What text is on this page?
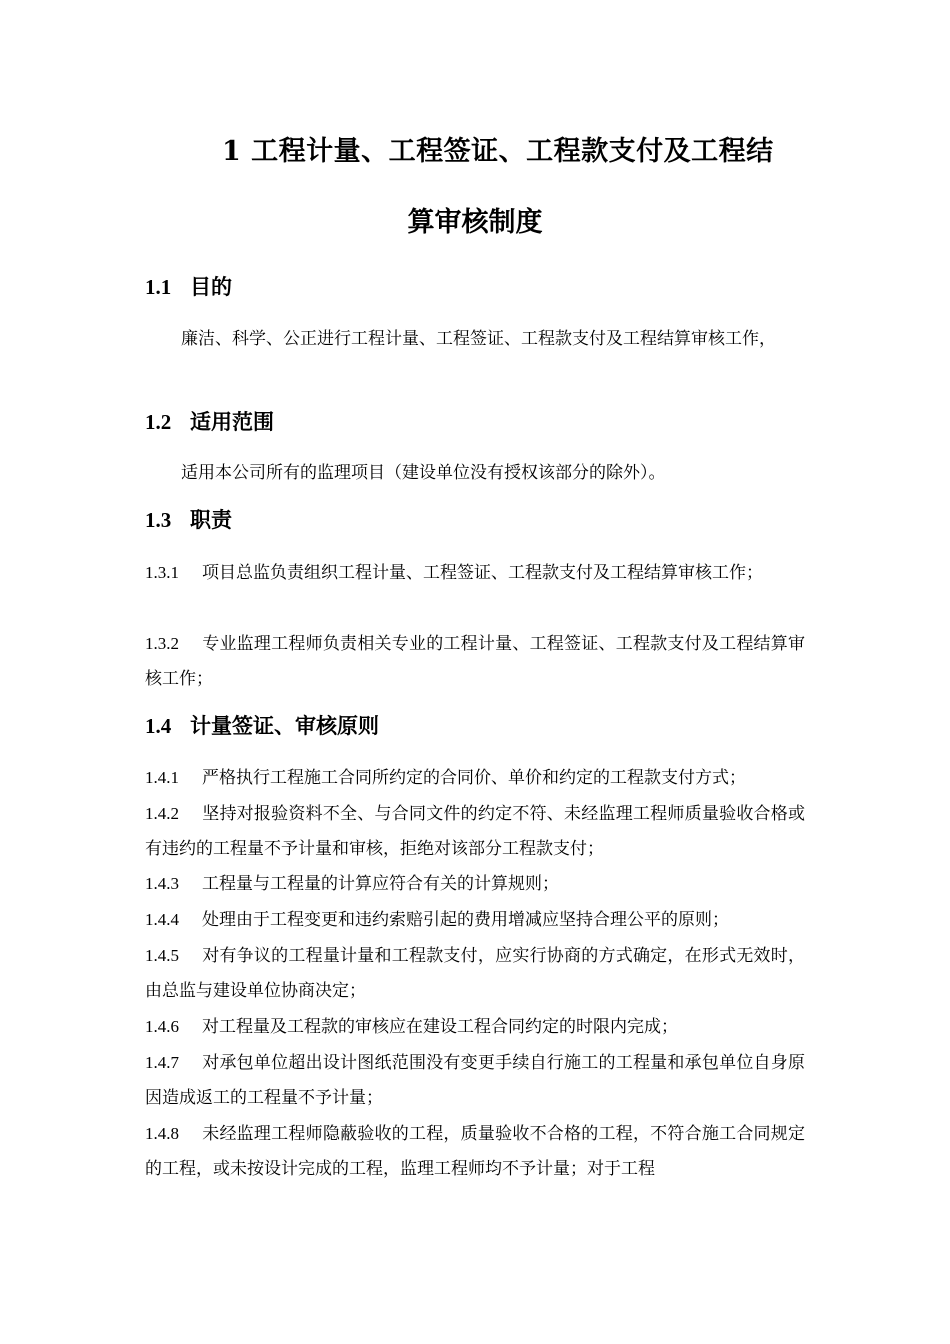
1 工程计量、工程签证、工程款支付及工程结
算审核制度
1.1 目的
廉洁、科学、公正进行工程计量、工程签证、工程款支付及工程结算审核工作，
1.2 适用范围
适用本公司所有的监理项目（建设单位没有授权该部分的除外）。
1.3 职责
1.3.1 项目总监负责组织工程计量、工程签证、工程款支付及工程结算审核工作；
1.3.2 专业监理工程师负责相关专业的工程计量、工程签证、工程款支付及工程结算审核工作；
1.4 计量签证、审核原则
1.4.1 严格执行工程施工合同所约定的合同价、单价和约定的工程款支付方式；
1.4.2 坚持对报验资料不全、与合同文件的约定不符、未经监理工程师质量验收合格或有违约的工程量不予计量和审核，拒绝对该部分工程款支付；
1.4.3 工程量与工程量的计算应符合有关的计算规则；
1.4.4 处理由于工程变更和违约索赔引起的费用增减应坚持合理公平的原则；
1.4.5 对有争议的工程量计量和工程款支付，应实行协商的方式确定，在形式无效时，由总监与建设单位协商决定；
1.4.6 对工程量及工程款的审核应在建设工程合同约定的时限内完成；
1.4.7 对承包单位超出设计图纸范围没有变更手续自行施工的工程量和承包单位自身原因造成返工的工程量不予计量；
1.4.8 未经监理工程师隐蔽验收的工程，质量验收不合格的工程，不符合施工合同规定的工程，或未按设计完成的工程，监理工程师均不予计量；对于工程
